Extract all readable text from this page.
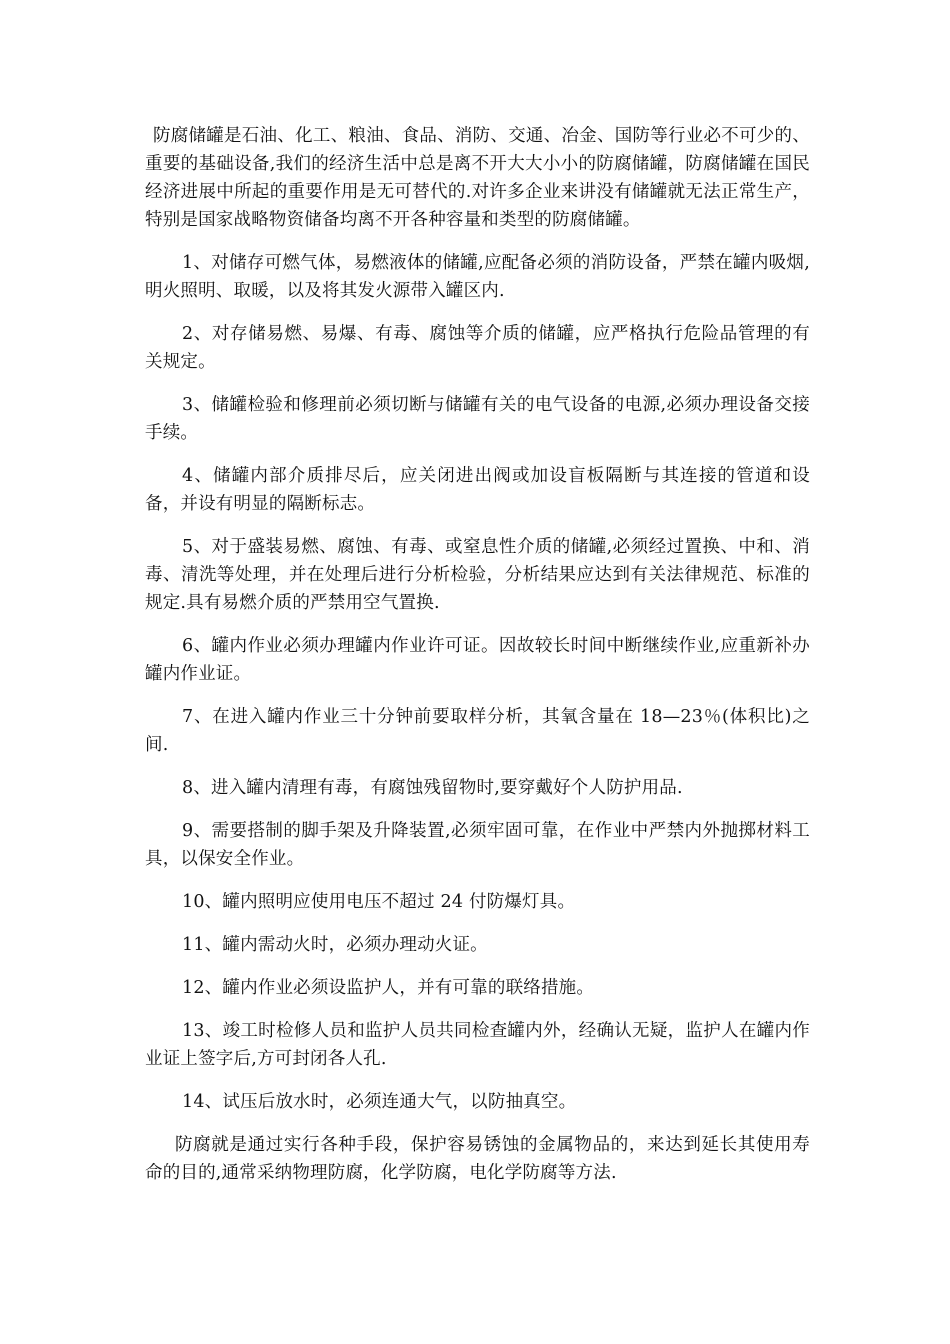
防腐储罐是石油、化工、粮油、食品、消防、交通、冶金、国防等行业必不可少的、重要的基础设备,我们的经济生活中总是离不开大大小小的防腐储罐，防腐储罐在国民经济进展中所起的重要作用是无可替代的.对许多企业来讲没有储罐就无法正常生产，特别是国家战略物资储备均离不开各种容量和类型的防腐储罐。

1、对储存可燃气体，易燃液体的储罐,应配备必须的消防设备，严禁在罐内吸烟,明火照明、取暖，以及将其发火源带入罐区内.

2、对存储易燃、易爆、有毒、腐蚀等介质的储罐，应严格执行危险品管理的有关规定。

3、储罐检验和修理前必须切断与储罐有关的电气设备的电源,必须办理设备交接手续。

4、储罐内部介质排尽后，应关闭进出阀或加设盲板隔断与其连接的管道和设备，并设有明显的隔断标志。

5、对于盛装易燃、腐蚀、有毒、或窒息性介质的储罐,必须经过置换、中和、消毒、清洗等处理，并在处理后进行分析检验，分析结果应达到有关法律规范、标准的规定.具有易燃介质的严禁用空气置换.

6、罐内作业必须办理罐内作业许可证。因故较长时间中断继续作业,应重新补办罐内作业证。

7、在进入罐内作业三十分钟前要取样分析，其氧含量在 18—23％(体积比)之间.

8、进入罐内清理有毒，有腐蚀残留物时,要穿戴好个人防护用品.

9、需要搭制的脚手架及升降装置,必须牢固可靠，在作业中严禁内外抛掷材料工具，以保安全作业。

10、罐内照明应使用电压不超过 24 付防爆灯具。

11、罐内需动火时，必须办理动火证。

12、罐内作业必须设监护人，并有可靠的联络措施。

13、竣工时检修人员和监护人员共同检查罐内外，经确认无疑，监护人在罐内作业证上签字后,方可封闭各人孔.

14、试压后放水时，必须连通大气，以防抽真空。

防腐就是通过实行各种手段，保护容易锈蚀的金属物品的，来达到延长其使用寿命的目的,通常采纳物理防腐，化学防腐，电化学防腐等方法.
